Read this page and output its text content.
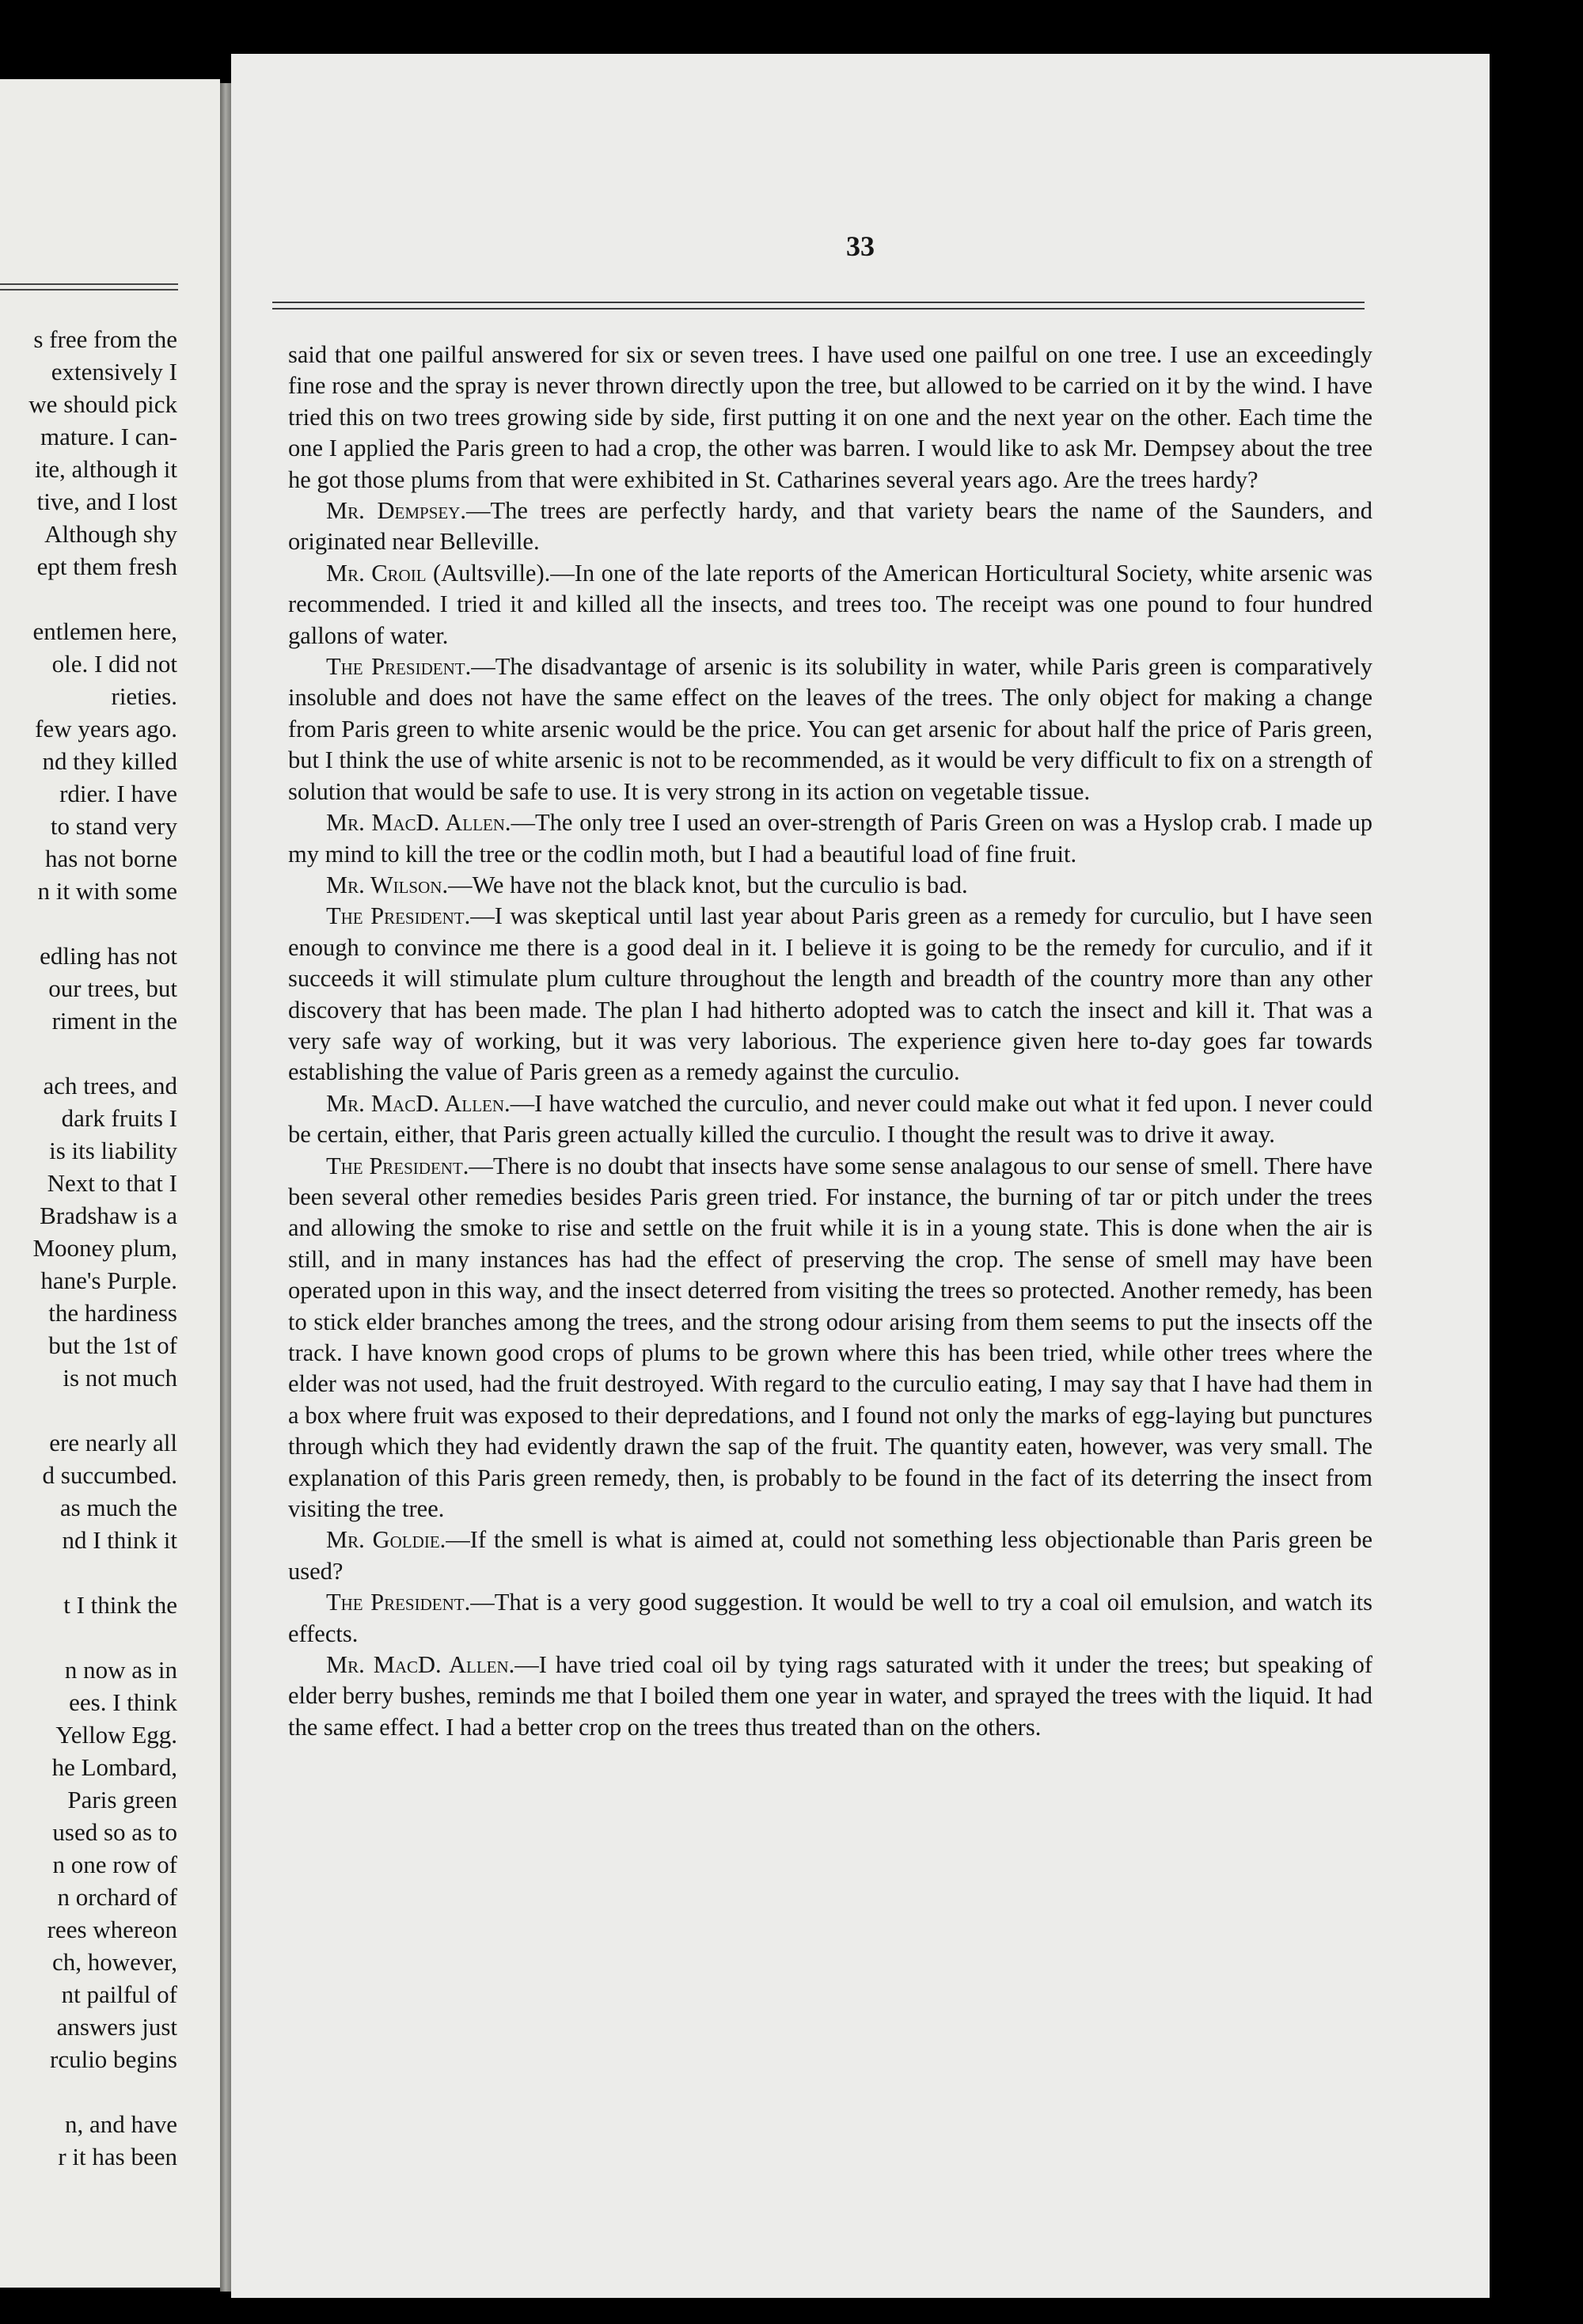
s free from the
extensively I
we should pick
mature. I can-
ite, although it
tive, and I lost
Although shy
ept them fresh
entlemen here,
ole. I did not
rieties.
few years ago.
nd they killed
rdier. I have
to stand very
has not borne
n it with some
edling has not
our trees, but
riment in the
ach trees, and
dark fruits I
is its liability
Next to that I
Bradshaw is a
Mooney plum,
hane's Purple.
the hardiness
but the 1st of
is not much
ere nearly all
d succumbed.
as much the
nd I think it
t I think the
n now as in
ees. I think
Yellow Egg.
he Lombard,
Paris green
used so as to
n one row of
n orchard of
rees whereon
ch, however,
nt pailful of
answers just
rculio begins
n, and have
r it has been
33

said that one pailful answered for six or seven trees. I have used one pailful on one tree. I use an exceedingly fine rose and the spray is never thrown directly upon the tree, but allowed to be carried on it by the wind. I have tried this on two trees growing side by side, first putting it on one and the next year on the other. Each time the one I applied the Paris green to had a crop, the other was barren. I would like to ask Mr. Dempsey about the tree he got those plums from that were exhibited in St. Catharines several years ago. Are the trees hardy?

Mr. Dempsey.—The trees are perfectly hardy, and that variety bears the name of the Saunders, and originated near Belleville.

Mr. Croil (Aultsville).—In one of the late reports of the American Horticultural Society, white arsenic was recommended. I tried it and killed all the insects, and trees too. The receipt was one pound to four hundred gallons of water.

The President.—The disadvantage of arsenic is its solubility in water, while Paris green is comparatively insoluble and does not have the same effect on the leaves of the trees. The only object for making a change from Paris green to white arsenic would be the price. You can get arsenic for about half the price of Paris green, but I think the use of white arsenic is not to be recommended, as it would be very difficult to fix on a strength of solution that would be safe to use. It is very strong in its action on vegetable tissue.

Mr. MacD. Allen.—The only tree I used an over-strength of Paris Green on was a Hyslop crab. I made up my mind to kill the tree or the codlin moth, but I had a beautiful load of fine fruit.

Mr. Wilson.—We have not the black knot, but the curculio is bad.

The President.—I was skeptical until last year about Paris green as a remedy for curculio, but I have seen enough to convince me there is a good deal in it. I believe it is going to be the remedy for curculio, and if it succeeds it will stimulate plum culture throughout the length and breadth of the country more than any other discovery that has been made. The plan I had hitherto adopted was to catch the insect and kill it. That was a very safe way of working, but it was very laborious. The experience given here to-day goes far towards establishing the value of Paris green as a remedy against the curculio.

Mr. MacD. Allen.—I have watched the curculio, and never could make out what it fed upon. I never could be certain, either, that Paris green actually killed the curculio. I thought the result was to drive it away.

The President.—There is no doubt that insects have some sense analagous to our sense of smell. There have been several other remedies besides Paris green tried. For instance, the burning of tar or pitch under the trees and allowing the smoke to rise and settle on the fruit while it is in a young state. This is done when the air is still, and in many instances has had the effect of preserving the crop. The sense of smell may have been operated upon in this way, and the insect deterred from visiting the trees so protected. Another remedy, has been to stick elder branches among the trees, and the strong odour arising from them seems to put the insects off the track. I have known good crops of plums to be grown where this has been tried, while other trees where the elder was not used, had the fruit destroyed. With regard to the curculio eating, I may say that I have had them in a box where fruit was exposed to their depredations, and I found not only the marks of egg-laying but punctures through which they had evidently drawn the sap of the fruit. The quantity eaten, however, was very small. The explanation of this Paris green remedy, then, is probably to be found in the fact of its deterring the insect from visiting the tree.

Mr. Goldie.—If the smell is what is aimed at, could not something less objectionable than Paris green be used?

The President.—That is a very good suggestion. It would be well to try a coal oil emulsion, and watch its effects.

Mr. MacD. Allen.—I have tried coal oil by tying rags saturated with it under the trees; but speaking of elder berry bushes, reminds me that I boiled them one year in water, and sprayed the trees with the liquid. It had the same effect. I had a better crop on the trees thus treated than on the others.
